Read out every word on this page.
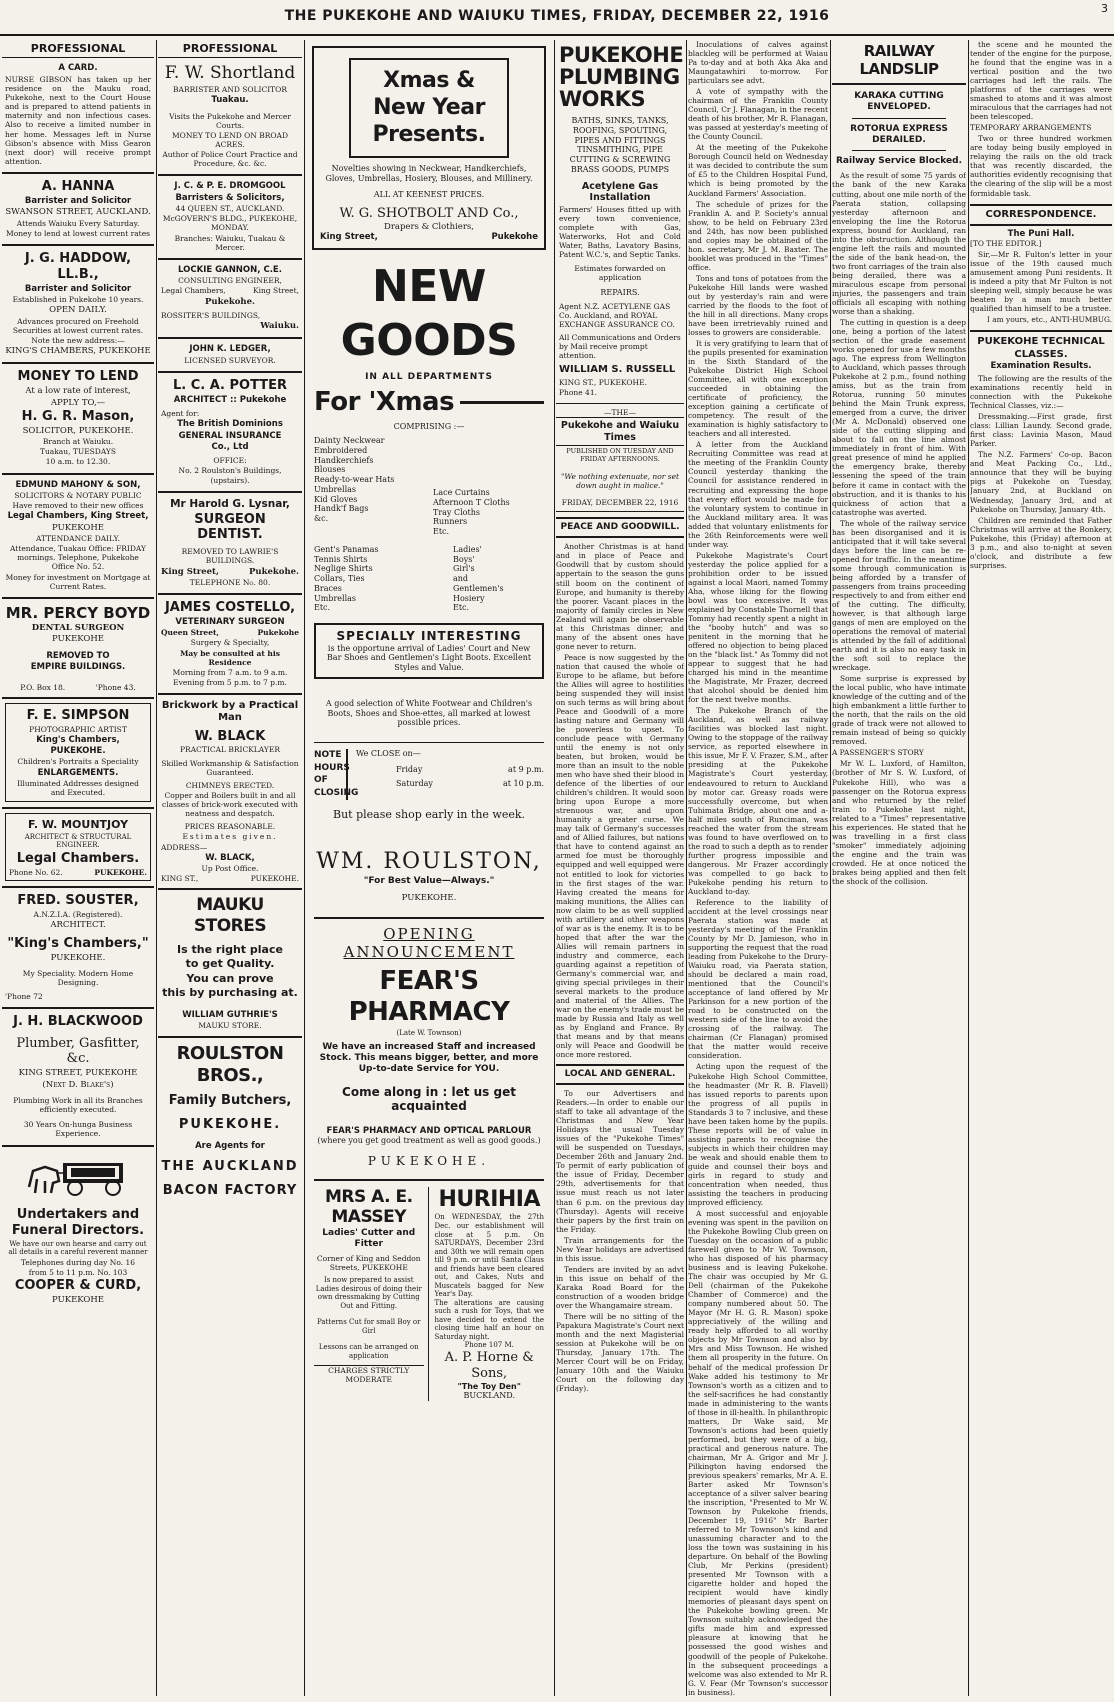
THE PUKEKOHE AND WAIUKU TIMES, FRIDAY, DECEMBER 22, 1916	3
PROFESSIONAL

A CARD.

NURSE GIBSON has taken up her residence on the Mauku road, Pukekohe, next to the Court House and is prepared to attend patients in maternity and non infectious cases. Also to receive a limited number in her home. Messages left in Nurse Gibson's absence with Miss Gearon (next door) will receive prompt attention.

A. HANNA

Barrister and Solicitor

SWANSON STREET, AUCKLAND.

Attends Waiuku Every Saturday.

Money to lend at lowest current rates

J. G. HADDOW, LL.B.,

Barrister and Solicitor

Established in Pukekohe 10 years.

OPEN DAILY.

Advances procured on Freehold Securities at lowest current rates.

Note the new address:—

KING'S CHAMBERS, PUKEKOHE

MONEY TO LEND

At a low rate of interest,

APPLY TO,—

H. G. R. Mason,

SOLICITOR, PUKEKOHE.

Branch at Waiuku.

Tuakau, TUESDAYS

10 a.m. to 12.30.

EDMUND MAHONY & SON,

SOLICITORS & NOTARY PUBLIC

Have removed to their new offices

Legal Chambers, King Street,

PUKEKOHE

ATTENDANCE DAILY.

Attendance, Tuakau Office: FRIDAY mornings. Telephone, Pukekohe Office No. 52.

Money for investment on Mortgage at Current Rates.

MR. PERCY BOYD

DENTAL SURGEON

PUKEKOHE

REMOVED TO

EMPIRE BUILDINGS.

P.O. Box 18.	'Phone 43.

F. E. SIMPSON

PHOTOGRAPHIC ARTIST

King's Chambers,

PUKEKOHE.

Children's Portraits a Speciality

ENLARGEMENTS.

Illuminated Addresses designed and Executed.

F. W. MOUNTJOY

ARCHITECT & STRUCTURAL ENGINEER.

Legal Chambers.

Phone No. 62.	PUKEKOHE.

FRED. SOUSTER,

A.N.Z.I.A. (Registered).

ARCHITECT.

"King's Chambers,"

PUKEKOHE.

My Speciality. Modern Home Designing.

'Phone 72

J. H. BLACKWOOD

Plumber, Gasfitter, &c.

KING STREET, PUKEKOHE

(Next D. Blake's)

Plumbing Work in all its Branches efficiently executed.

30 Years On-hunga Business Experience.

Undertakers and Funeral Directors.

We have our own hearse and carry out all details in a careful reverent manner

Telephones during day No. 16

from 5 to 11 p.m. No. 103

COOPER & CURD,

PUKEKOHE

PROFESSIONAL

F. W. Shortland

BARRISTER AND SOLICITOR

Tuakau.

Visits the Pukekohe and Mercer Courts.

MONEY TO LEND ON BROAD ACRES.

Author of Police Court Practice and Procedure, &c. &c.

J. C. & P. E. DROMGOOL

Barristers & Solicitors,

44 QUEEN ST., AUCKLAND.

McGOVERN'S BLDG., PUKEKOHE, MONDAY.

Branches: Waiuku, Tuakau & Mercer.

LOCKIE GANNON, C.E.

CONSULTING ENGINEER,

Legal Chambers,	King Street,

Pukekohe.

ROSSITER'S BUILDINGS,

Waiuku.

JOHN K. LEDGER,

LICENSED SURVEYOR.

L. C. A. POTTER

ARCHITECT :: Pukekohe

Agent for:

The British Dominions

GENERAL INSURANCE

Co., Ltd

OFFICE:

No. 2 Roulston's Buildings, (upstairs).

Mr Harold G. Lysnar,

SURGEON DENTIST.

REMOVED TO LAWRIE'S BUILDINGS.

King Street,	Pukekohe.

TELEPHONE No. 80.

JAMES COSTELLO,

VETERINARY SURGEON

Queen Street,	Pukekohe

Surgery & Specialty,

May be consulted at his Residence

Morning from 7 a.m. to 9 a.m.

Evening from 5 p.m. to 7 p.m.

Brickwork by a Practical Man

W. BLACK

PRACTICAL BRICKLAYER

Skilled Workmanship & Satisfaction Guaranteed.

CHIMNEYS ERECTED.

Copper and Boilers built in and all classes of brick-work executed with neatness and despatch.

PRICES REASONABLE.

Estimates given.

ADDRESS—

W. BLACK,

Up Post Office.

KING ST.,	PUKEKOHE.

MAUKU STORES

Is the right place

to get Quality.

You can prove

this by purchasing at.

WILLIAM GUTHRIE'S

MAUKU STORE.

ROULSTON BROS.,

Family Butchers,

PUKEKOHE.

Are Agents for

THE AUCKLAND

BACON FACTORY

Xmas & New Year

Presents.

Novelties showing in Neckwear, Handkerchiefs, Gloves, Umbrellas, Hosiery, Blouses, and Millinery.

ALL AT KEENEST PRICES.

W. G. SHOTBOLT AND Co.,

Drapers & Clothiers,

King Street,	Pukekohe

NEW GOODS

IN ALL DEPARTMENTS

For 'Xmas

COMPRISING :—

Dainty Neckwear

Embroidered Handkerchiefs

Blouses

Ready-to-wear Hats

Umbrellas

Kid Gloves

Handk'f Bags

&c.

Lace Curtains

Afternoon T Cloths

Tray Cloths

Runners

Etc.

Gent's Panamas

Tennis Shirts

Neglige Shirts

Collars, Ties

Braces

Umbrellas

Etc.

Ladies'

Boys'

Girl's

and

Gentlemen's

Hosiery

Etc.

SPECIALLY INTERESTING

is the opportune arrival of Ladies' Court and New Bar Shoes and Gentlemen's Light Boots. Excellent Styles and Value.

A good selection of White Footwear and Children's Boots, Shoes and Shoe-ettes, all marked at lowest possible prices.

NOTE HOURS OF CLOSING

We CLOSE on—

Friday	at 9 p.m.
Saturday	at 10 p.m.

But please shop early in the week.

WM. ROULSTON,

"For Best Value—Always."

PUKEKOHE.

OPENING ANNOUNCEMENT

FEAR'S PHARMACY

(Late W. Townson)

We have an increased Staff and increased Stock. This means bigger, better, and more Up-to-date Service for YOU.

Come along in : let us get acquainted

FEAR'S PHARMACY AND OPTICAL PARLOUR

(where you get good treatment as well as good goods.)

PUKEKOHE.

MRS A. E. MASSEY

Ladies' Cutter and Fitter

Corner of King and Seddon Streets, PUKEKOHE

Is now prepared to assist Ladies desirous of doing their own dressmaking by Cutting Out and Fitting.

Patterns Cut for small Boy or Girl

Lessons can be arranged on application

CHARGES STRICTLY MODERATE

HURIHIA

On WEDNESDAY, the 27th Dec. our establishment will close at 5 p.m. On SATURDAYS, December 23rd and 30th we will remain open till 9 p.m. or until Santa Claus and friends have been cleared out, and Cakes, Nuts and Muscatels bagged for New Year's Day.

The alterations are causing such a rush for Toys, that we have decided to extend the closing time half an hour on Saturday night.

Phone 107 M.

A. P. Horne & Sons,

"The Toy Den"

BUCKLAND.

PUKEKOHE

PLUMBING

WORKS

BATHS, SINKS, TANKS, ROOFING, SPOUTING, PIPES AND FITTINGS TINSMITHING, PIPE CUTTING & SCREWING BRASS GOODS, PUMPS

Acetylene Gas Installation

Farmers' Houses fitted up with every town convenience, complete with Gas, Waterworks, Hot and Cold Water, Baths, Lavatory Basins, Patent W.C.'s, and Septic Tanks.

Estimates forwarded on application

REPAIRS.

Agent N.Z. ACETYLENE GAS Co. Auckland, and ROYAL EXCHANGE ASSURANCE CO.

All Communications and Orders by Mail receive prompt attention.

WILLIAM S. RUSSELL

KING ST., PUKEKOHE.

Phone 41.

—THE—

Pukekohe and Waiuku Times

PUBLISHED ON TUESDAY AND FRIDAY AFTERNOONS.

"We nothing extenuate, nor set down aught in malice."

FRIDAY, DECEMBER 22, 1916

PEACE AND GOODWILL.

Another Christmas is at hand and in place of Peace and Goodwill that by custom should appertain to the season the guns still boom on the continent of Europe, and humanity is thereby the poorer. Vacant places in the majority of family circles in New Zealand will again be observable at this Christmas dinner, and many of the absent ones have gone never to return.

Peace is now suggested by the nation that caused the whole of Europe to be aflame, but before the Allies will agree to hostilities being suspended they will insist on such terms as will bring about Peace and Goodwill of a more lasting nature and Germany will be powerless to upset. To conclude peace with Germany until the enemy is not only beaten, but broken, would be more than an insult to the noble men who have shed their blood in defence of the liberties of our children's children. It would soon bring upon Europe a more strenuous war, and upon humanity a greater curse. We may talk of Germany's successes and of Allied failures, but nations that have to contend against an armed foe must be thoroughly equipped and well equipped were not entitled to look for victories in the first stages of the war. Having created the means for making munitions, the Allies can now claim to be as well supplied with artillery and other weapons of war as is the enemy. It is to be hoped that after the war the Allies will remain partners in industry and commerce, each guarding against a repetition of Germany's commercial war, and giving special privileges in their several markets to the produce and material of the Allies. The war on the enemy's trade must be made by Russia and Italy as well as by England and France. By that means and by that means only will Peace and Goodwill be once more restored.

LOCAL AND GENERAL.

To our Advertisers and Readers.—In order to enable our staff to take all advantage of the Christmas and New Year Holidays the usual Tuesday issues of the "Pukekohe Times" will be suspended on Tuesdays, December 26th and January 2nd. To permit of early publication of the issue of Friday, December 29th, advertisements for that issue must reach us not later than 6 p.m. on the previous day (Thursday). Agents will receive their papers by the first train on the Friday.

Train arrangements for the New Year holidays are advertised in this issue.

Tenders are invited by an advt in this issue on behalf of the Karaka Road Board for the construction of a wooden bridge over the Whangamaire stream.

There will be no sitting of the Papakura Magistrate's Court next month and the next Magisterial session at Pukekohe will be on Thursday, January 17th. The Mercer Court will be on Friday, January 10th and the Waiuku Court on the following day (Friday).

Inoculations of calves against blackleg will be performed at Waiau Pa to-day and at both Aka Aka and Maungatawhiri to-morrow. For particulars see advt.

A vote of sympathy with the chairman of the Franklin County Council, Cr J. Flanagan, in the recent death of his brother, Mr R. Flanagan, was passed at yesterday's meeting of the County Council.

At the meeting of the Pukekohe Borough Council held on Wednesday it was decided to contribute the sum of £5 to the Children Hospital Fund, which is being promoted by the Auckland Farmers' Association.

The schedule of prizes for the Franklin A. and P. Society's annual show, to be held on February 23rd and 24th, has now been published and copies may be obtained of the hon. secretary, Mr J. M. Baxter. The booklet was produced in the "Times" office.

Tons and tons of potatoes from the Pukekohe Hill lands were washed out by yesterday's rain and were carried by the floods to the foot of the hill in all directions. Many crops have been irretrievably ruined and losses to growers are considerable.

It is very gratifying to learn that of the pupils presented for examination in the Sixth Standard of the Pukekohe District High School Committee, all with one exception succeeded in obtaining the certificate of proficiency, the exception gaining a certificate of competency. The result of the examination is highly satisfactory to teachers and all interested.

A letter from the Auckland Recruiting Committee was read at the meeting of the Franklin County Council yesterday thanking the Council for assistance rendered in recruiting and expressing the hope that every effort would be made for the voluntary system to continue in the Auckland military area. It was added that voluntary enlistments for the 26th Reinforcements were well under way.

Pukekohe Magistrate's Court yesterday the police applied for a prohibition order to be issued against a local Maori, named Tommy Aha, whose liking for the flowing bowl was too excessive. It was explained by Constable Thornell that Tommy had recently spent a night in the "booby hutch" and was so penitent in the morning that he offered no objection to being placed on the "black list." As Tommy did not appear to suggest that he had charged his mind in the meantime the Magistrate, Mr Frazer, decreed that alcohol should be denied him for the next twelve months.

The Pukekohe Branch of the Auckland, as well as railway facilities was blocked last night. Owing to the stoppage of the railway service, as reported elsewhere in this issue, Mr F. V. Frazer, S.M., after presiding at the Pukekohe Magistrate's Court yesterday, endeavoured to return to Auckland by motor car. Greasy roads were successfully overcome, but when Tuhimata Bridge, about one and a-half miles south of Runciman, was reached the water from the stream was found to have overflowed on to the road to such a depth as to render further progress impossible and dangerous. Mr Frazer accordingly was compelled to go back to Pukekohe pending his return to Auckland to-day.

Reference to the liability of accident at the level crossings near Paerata station was made at yesterday's meeting of the Franklin County by Mr D. Jamieson, who in supporting the request that the road leading from Pukekohe to the Drury-Waiuku road, via Paerata station, should be declared a main road, mentioned that the Council's acceptance of land offered by Mr Parkinson for a new portion of the road to be constructed on the western side of the line to avoid the crossing of the railway. The chairman (Cr Flanagan) promised that the matter would receive consideration.

Acting upon the request of the Pukekohe High School Committee, the headmaster (Mr R. B. Flavell) has issued reports to parents upon the progress of all pupils in Standards 3 to 7 inclusive, and these have been taken home by the pupils. These reports will be of value in assisting parents to recognise the subjects in which their children may be weak and should enable them to guide and counsel their boys and girls in regard to study and concentration when needed, thus assisting the teachers in producing improved efficiency.

A most successful and enjoyable evening was spent in the pavilion on the Pukekohe Bowling Club green on Tuesday on the occasion of a public farewell given to Mr W. Townson, who has disposed of his pharmacy business and is leaving Pukekohe. The chair was occupied by Mr G. Dell (chairman of the Pukekohe Chamber of Commerce) and the company numbered about 50. The Mayor (Mr H. G. R. Mason) spoke appreciatively of the willing and ready help afforded to all worthy objects by Mr Townson and also by Mrs and Miss Townson. He wished them all prosperity in the future. On behalf of the medical profession Dr Wake added his testimony to Mr Townson's worth as a citizen and to the self-sacrifices he had constantly made in administering to the wants of those in ill-health. In philanthropic matters, Dr Wake said, Mr Townson's actions had been quietly performed, but they were of a big, practical and generous nature. The chairman, Mr A. Grigor and Mr J. Pilkington having endorsed the previous speakers' remarks, Mr A. E. Barter asked Mr Townson's acceptance of a silver salver bearing the inscription, "Presented to Mr W. Townson by Pukekohe friends, December 19, 1916" Mr Barter referred to Mr Townson's kind and unassuming character and to the loss the town was sustaining in his departure. On behalf of the Bowling Club, Mr Perkins (president) presented Mr Townson with a cigarette holder and hoped the recipient would have kindly memories of pleasant days spent on the Pukekohe bowling green. Mr Townson suitably acknowledged the gifts made him and expressed pleasure at knowing that he possessed the good wishes and goodwill of the people of Pukekohe. In the subsequent proceedings a welcome was also extended to Mr R. G. V. Fear (Mr Townson's successor in business).

RAILWAY LANDSLIP

KARAKA CUTTING ENVELOPED.

ROTORUA EXPRESS DERAILED.

Railway Service Blocked.

As the result of some 75 yards of the bank of the new Karaka cutting, about one mile north of the Paerata station, collapsing yesterday afternoon and enveloping the line the Rotorua express, bound for Auckland, ran into the obstruction. Although the engine left the rails and mounted the side of the bank head-on, the two front carriages of the train also being derailed, there was a miraculous escape from personal injuries, the passengers and train officials all escaping with nothing worse than a shaking.

The cutting in question is a deep one, being a portion of the latest section of the grade easement works opened for use a few months ago. The express from Wellington to Auckland, which passes through Pukekohe at 2 p.m., found nothing amiss, but as the train from Rotorua, running 50 minutes behind the Main Trunk express, emerged from a curve, the driver (Mr A. McDonald) observed one side of the cutting slipping and about to fall on the line almost immediately in front of him. With great presence of mind he applied the emergency brake, thereby lessening the speed of the train before it came in contact with the obstruction, and it is thanks to his quickness of action that a catastrophe was averted.

The whole of the railway service has been disorganised and it is anticipated that it will take several days before the line can be re-opened for traffic. In the meantime some through communication is being afforded by a transfer of passengers from trains proceeding respectively to and from either end of the cutting. The difficulty, however, is that although large gangs of men are employed on the operations the removal of material is attended by the fall of additional earth and it is also no easy task in the soft soil to replace the wreckage.

Some surprise is expressed by the local public, who have intimate knowledge of the cutting and of the high embankment a little further to the north, that the rails on the old grade of track were not allowed to remain instead of being so quickly removed.

A PASSENGER'S STORY

Mr W. L. Luxford, of Hamilton, (brother of Mr S. W. Luxford, of Pukekohe Hill), who was a passenger on the Rotorua express and who returned by the relief train to Pukekohe last night, related to a "Times" representative his experiences. He stated that he was travelling in a first class "smoker" immediately adjoining the engine and the train was crowded. He at once noticed the brakes being applied and then felt the shock of the collision.

the scene and he mounted the tender of the engine for the purpose, he found that the engine was in a vertical position and the two carriages had left the rails. The platforms of the carriages were smashed to atoms and it was almost miraculous that the carriages had not been telescoped.

TEMPORARY ARRANGEMENTS

Two or three hundred workmen are today being busily employed in relaying the rails on the old track that was recently discarded, the authorities evidently recognising that the clearing of the slip will be a most formidable task.

CORRESPONDENCE.

The Puni Hall.

[TO THE EDITOR.]

Sir,—Mr R. Fulton's letter in your issue of the 19th caused much amusement among Puni residents. It is indeed a pity that Mr Fulton is not sleeping well, simply because he was beaten by a man much better qualified than himself to be a trustee.

I am yours, etc., ANTI-HUMBUG.

PUKEKOHE TECHNICAL CLASSES.

Examination Results.

The following are the results of the examinations recently held in connection with the Pukekohe Technical Classes, viz.:—

Dressmaking.—First grade, first class: Lillian Laundy. Second grade, first class: Lavinia Mason, Maud Parker.

The N.Z. Farmers' Co-op. Bacon and Meat Packing Co., Ltd., announce that they will be buying pigs at Pukekohe on Tuesday, January 2nd, at Buckland on Wednesday, January 3rd, and at Pukekohe on Thursday, January 4th.

Children are reminded that Father Christmas will arrive at the Bonkery, Pukekohe, this (Friday) afternoon at 3 p.m., and also to-night at seven o'clock, and distribute a few surprises.
